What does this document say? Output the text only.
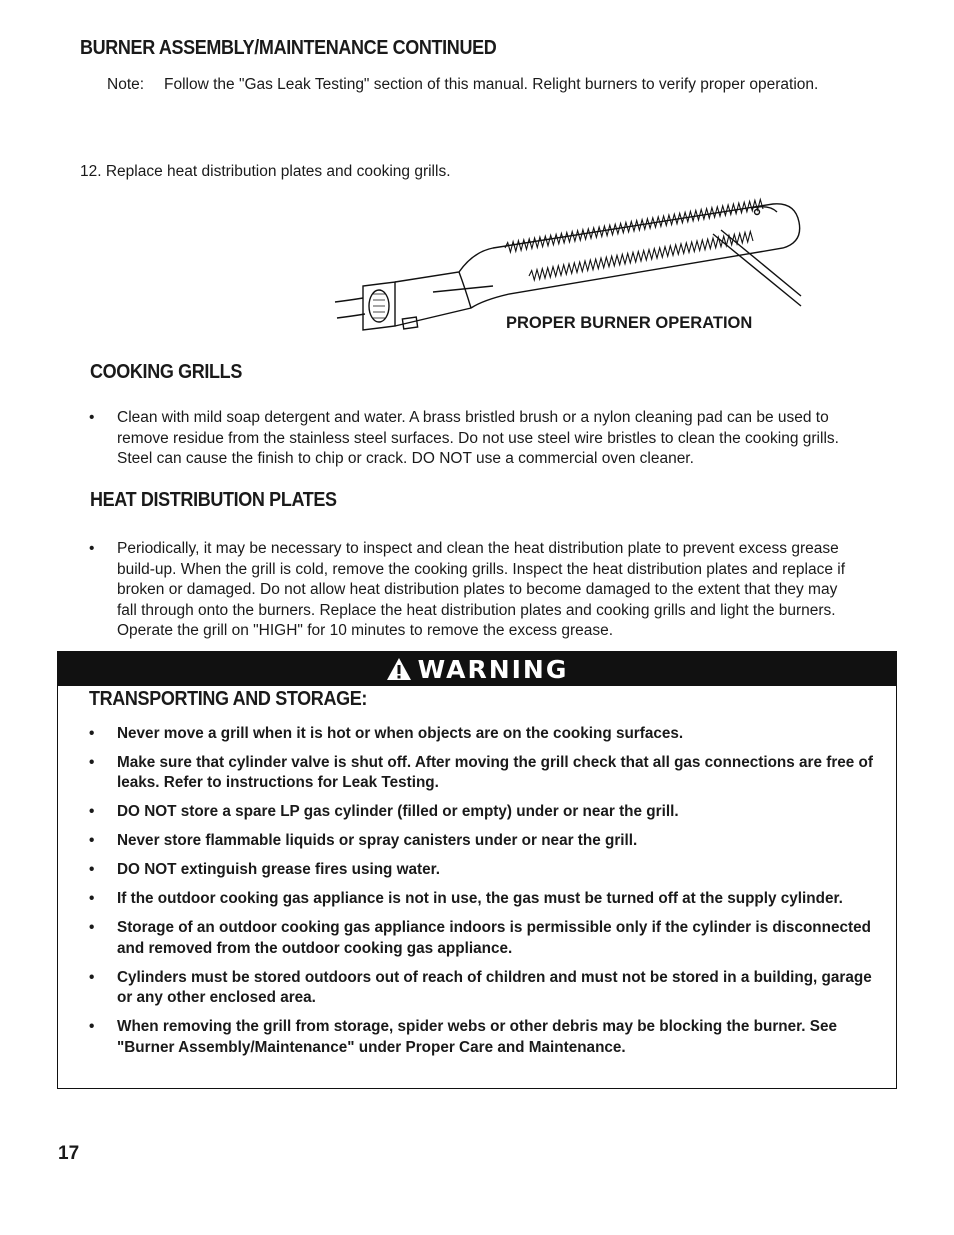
BURNER ASSEMBLY/MAINTENANCE CONTINUED
Note: Follow the "Gas Leak Testing" section of this manual. Relight burners to verify proper operation.
12. Replace heat distribution plates and cooking grills.
PROPER BURNER OPERATION
COOKING GRILLS
• Clean with mild soap detergent and water. A brass bristled brush or a nylon cleaning pad can be used to remove residue from the stainless steel surfaces. Do not use steel wire bristles to clean the cooking grills. Steel can cause the finish to chip or crack. DO NOT use a commercial oven cleaner.
HEAT DISTRIBUTION PLATES
• Periodically, it may be necessary to inspect and clean the heat distribution plate to prevent excess grease build-up. When the grill is cold, remove the cooking grills. Inspect the heat distribution plates and replace if broken or damaged. Do not allow heat distribution plates to become damaged to the extent that they may fall through onto the burners. Replace the heat distribution plates and cooking grills and light the burners. Operate the grill on "HIGH" for 10 minutes to remove the excess grease.
WARNING
TRANSPORTING AND STORAGE:
• Never move a grill when it is hot or when objects are on the cooking surfaces.
• Make sure that cylinder valve is shut off. After moving the grill check that all gas connections are free of leaks. Refer to instructions for Leak Testing.
• DO NOT store a spare LP gas cylinder (filled or empty) under or near the grill.
• Never store flammable liquids or spray canisters under or near the grill.
• DO NOT extinguish grease fires using water.
• If the outdoor cooking gas appliance is not in use, the gas must be turned off at the supply cylinder.
• Storage of an outdoor cooking gas appliance indoors is permissible only if the cylinder is disconnected and removed from the outdoor cooking gas appliance.
• Cylinders must be stored outdoors out of reach of children and must not be stored in a building, garage or any other enclosed area.
• When removing the grill from storage, spider webs or other debris may be blocking the burner. See "Burner Assembly/Maintenance" under Proper Care and Maintenance.
17
